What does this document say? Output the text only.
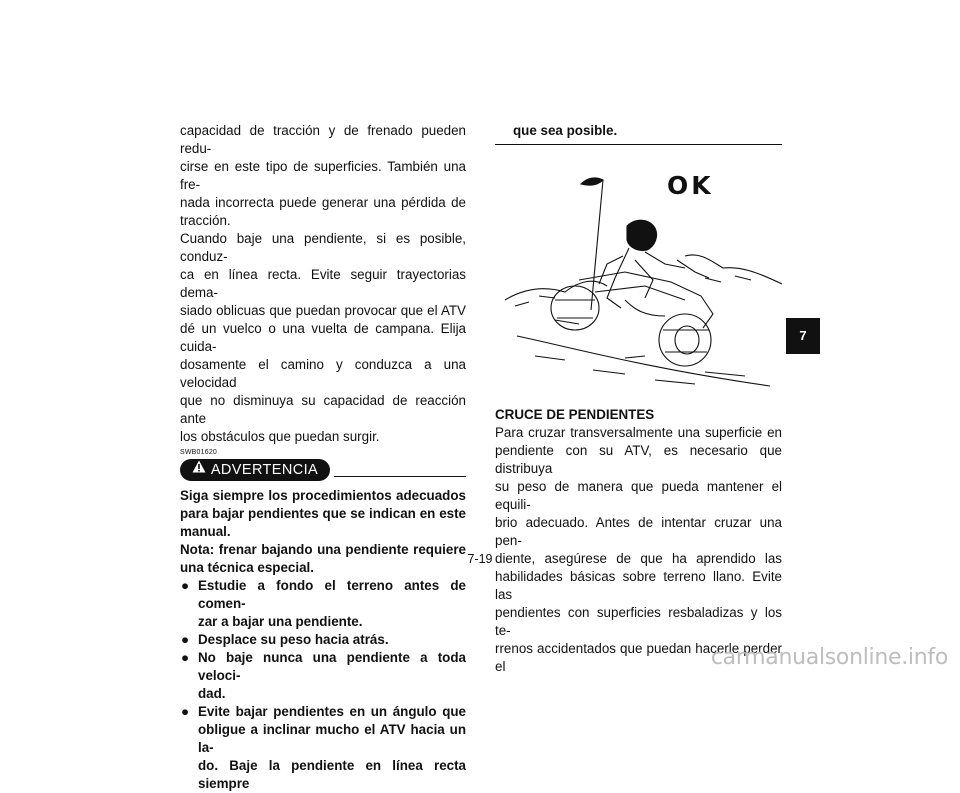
capacidad de tracción y de frenado pueden redu-
cirse en este tipo de superficies. También una fre-
nada incorrecta puede generar una pérdida de
tracción.
Cuando baje una pendiente, si es posible, conduz-
ca en línea recta. Evite seguir trayectorias dema-
siado oblicuas que puedan provocar que el ATV
dé un vuelco o una vuelta de campana. Elija cuida-
dosamente el camino y conduzca a una velocidad
que no disminuya su capacidad de reacción ante
los obstáculos que puedan surgir.
SWB01620
ADVERTENCIA
Siga siempre los procedimientos adecuados
para bajar pendientes que se indican en este
manual.
Nota: frenar bajando una pendiente requiere
una técnica especial.
● Estudie a fondo el terreno antes de comen-
zar a bajar una pendiente.
● Desplace su peso hacia atrás.
● No baje nunca una pendiente a toda veloci-
dad.
● Evite bajar pendientes en un ángulo que
obligue a inclinar mucho el ATV hacia un la-
do. Baje la pendiente en línea recta siempre
que sea posible.
OK
CRUCE DE PENDIENTES
Para cruzar transversalmente una superficie en
pendiente con su ATV, es necesario que distribuya
su peso de manera que pueda mantener el equili-
brio adecuado. Antes de intentar cruzar una pen-
diente, asegúrese de que ha aprendido las
habilidades básicas sobre terreno llano. Evite las
pendientes con superficies resbaladizas y los te-
rrenos accidentados que puedan hacerle perder el
7-19
7
carmanualsonline.info
